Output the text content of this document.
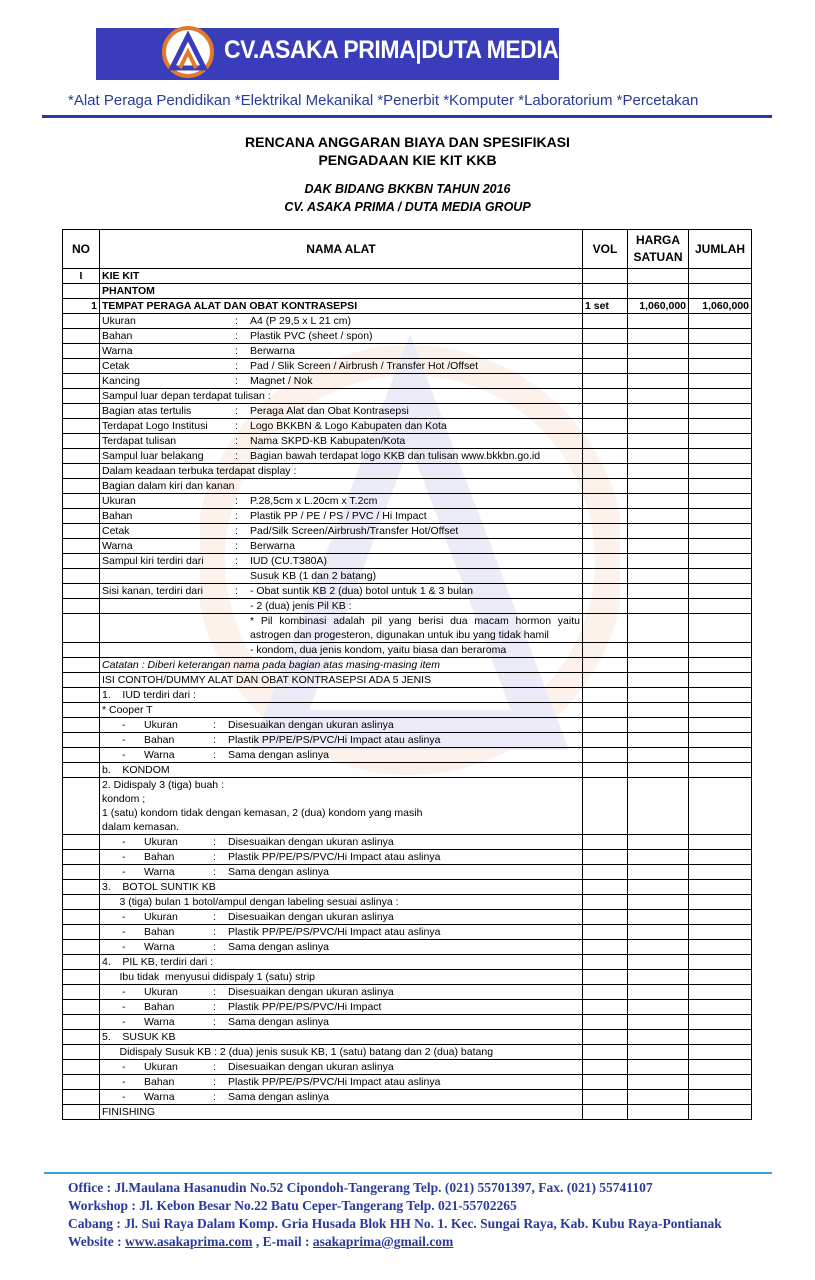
CV.ASAKA PRIMA|DUTA MEDIA GROUP
*Alat Peraga Pendidikan *Elektrikal Mekanikal *Penerbit *Komputer *Laboratorium *Percetakan
RENCANA ANGGARAN BIAYA DAN SPESIFIKASI
PENGADAAN KIE KIT KKB
DAK BIDANG BKKBN TAHUN 2016
CV. ASAKA PRIMA / DUTA MEDIA GROUP
NO	NAMA ALAT	VOL	HARGA SATUAN	JUMLAH
I	KIE KIT			
	PHANTOM			
1	TEMPAT PERAGA ALAT DAN OBAT KONTRASEPSI	1 set	1,060,000	1,060,000
	Ukuran : A4 (P 29,5 x L 21 cm)			
	Bahan : Plastik PVC (sheet / spon)			
	Warna : Berwarna			
	Cetak : Pad / Slik Screen / Airbrush / Transfer Hot /Offset			
	Kancing : Magnet / Nok			
	Sampul luar depan terdapat tulisan :			
	Bagian atas tertulis : Peraga Alat dan Obat Kontrasepsi			
	Terdapat Logo Institusi : Logo BKKBN & Logo Kabupaten dan Kota			
	Terdapat tulisan : Nama SKPD-KB Kabupaten/Kota			
	Sampul luar belakang : Bagian bawah terdapat logo KKB dan tulisan www.bkkbn.go.id			
	Dalam keadaan terbuka terdapat display :			
	Bagian dalam kiri dan kanan			
	Ukuran : P.28,5cm x L.20cm x T.2cm			
	Bahan : Plastik PP / PE / PS / PVC / Hi Impact			
	Cetak : Pad/Silk Screen/Airbrush/Transfer Hot/Offset			
	Warna : Berwarna			
	Sampul kiri terdiri dari : IUD (CU.T380A)			
	Susuk KB (1 dan 2 batang)			
	Sisi kanan, terdiri dari : - Obat suntik KB 2 (dua) botol untuk 1 & 3 bulan			
	- 2 (dua) jenis Pil KB :			
	* Pil kombinasi adalah pil yang berisi dua macam hormon yaitu astrogen dan progesteron, digunakan untuk ibu yang tidak hamil			
	- kondom, dua jenis kondom, yaitu biasa dan beraroma			
	Catatan : Diberi keterangan nama pada bagian atas masing-masing item			
	ISI CONTOH/DUMMY ALAT DAN OBAT KONTRASEPSI ADA 5 JENIS			
	1.    IUD terdiri dari :			
	* Cooper T			
	- Ukuran : Disesuaikan dengan ukuran aslinya			
	- Bahan : Plastik PP/PE/PS/PVC/Hi Impact atau aslinya			
	- Warna : Sama dengan aslinya			
	b.    KONDOM			
	2. Didispaly 3 (tiga) buah :
kondom ;
1 (satu) kondom tidak dengan kemasan, 2 (dua) kondom yang masih dalam kemasan.			
	- Ukuran : Disesuaikan dengan ukuran aslinya			
	- Bahan : Plastik PP/PE/PS/PVC/Hi Impact atau aslinya			
	- Warna : Sama dengan aslinya			
	3.    BOTOL SUNTIK KB			
	3 (tiga) bulan 1 botol/ampul dengan labeling sesuai aslinya :			
	- Ukuran : Disesuaikan dengan ukuran aslinya			
	- Bahan : Plastik PP/PE/PS/PVC/Hi Impact atau aslinya			
	- Warna : Sama dengan aslinya			
	4.    PIL KB, terdiri dari :			
	Ibu tidak  menyusui didispaly 1 (satu) strip			
	- Ukuran : Disesuaikan dengan ukuran aslinya			
	- Bahan : Plastik PP/PE/PS/PVC/Hi Impact			
	- Warna : Sama dengan aslinya			
	5.    SUSUK KB			
	Didispaly Susuk KB : 2 (dua) jenis susuk KB, 1 (satu) batang dan 2 (dua) batang			
	- Ukuran : Disesuaikan dengan ukuran aslinya			
	- Bahan : Plastik PP/PE/PS/PVC/Hi Impact atau aslinya			
	- Warna : Sama dengan aslinya			
	FINISHING			
Office : Jl.Maulana Hasanudin No.52 Cipondoh-Tangerang Telp. (021) 55701397, Fax. (021) 55741107
Workshop : Jl. Kebon Besar No.22 Batu Ceper-Tangerang Telp. 021-55702265
Cabang : Jl. Sui Raya Dalam Komp. Gria Husada Blok HH No. 1. Kec. Sungai Raya, Kab. Kubu Raya-Pontianak
Website : www.asakaprima.com , E-mail : asakaprima@gmail.com
